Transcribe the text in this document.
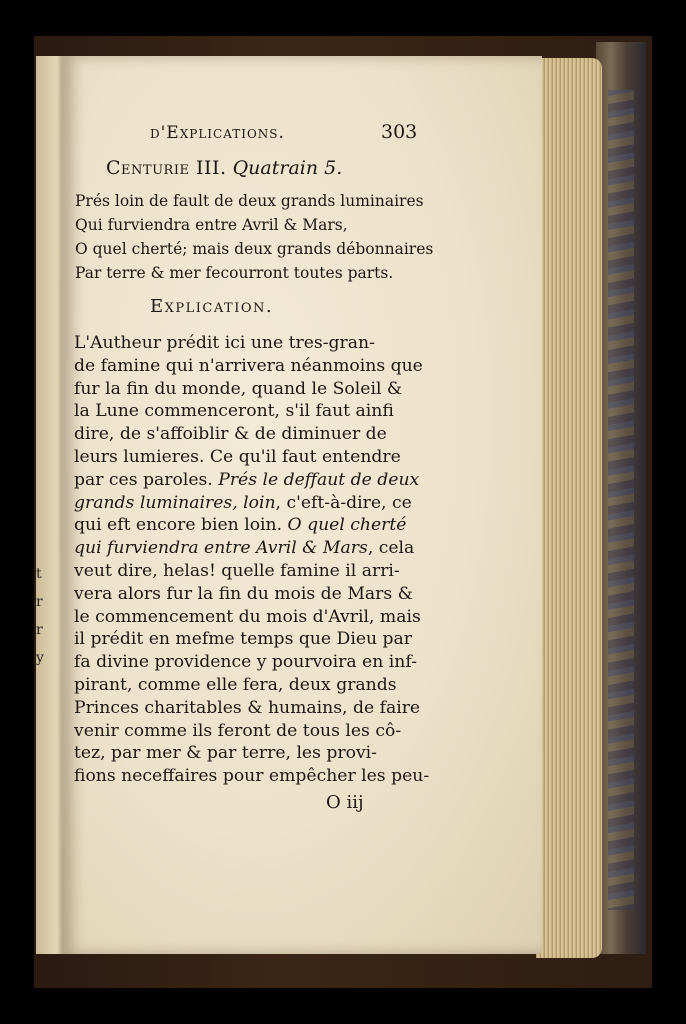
t
r
r
y
d'Explications.	303
Centurie III. Quatrain 5.
Prés loin de fault de deux grands luminaires
Qui furviendra entre Avril & Mars,
O quel cherté; mais deux grands débonnaires
Par terre & mer fecourront toutes parts.
Explication.
L'Autheur prédit ici une tres-gran-
de famine qui n'arrivera néanmoins que
fur la fin du monde, quand le Soleil &
la Lune commenceront, s'il faut ainfi
dire, de s'affoiblir & de diminuer de
leurs lumieres. Ce qu'il faut entendre
par ces paroles. Prés le deffaut de deux
grands luminaires, loin, c'eft-à-dire, ce
qui eft encore bien loin. O quel cherté
qui furviendra entre Avril & Mars, cela
veut dire, helas! quelle famine il arri-
vera alors fur la fin du mois de Mars &
le commencement du mois d'Avril, mais
il prédit en mefme temps que Dieu par
fa divine providence y pourvoira en inf-
pirant, comme elle fera, deux grands
Princes charitables & humains, de faire
venir comme ils feront de tous les cô-
tez, par mer & par terre, les provi-
fions neceffaires pour empêcher les peu-
O iij
